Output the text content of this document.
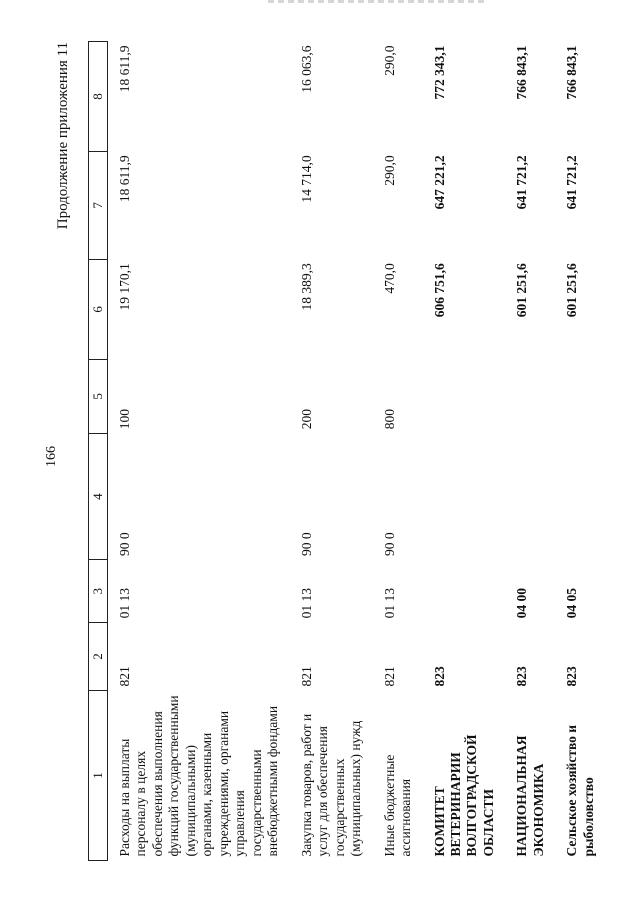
166
Продолжение приложения 11
1	2	3	4	5	6	7	8
Расходы на выплаты персоналу в целях обеспечения выполнения функций государственными (муниципальными) органами, казенными учреждениями, органами управления государственными внебюджетными фондами	821	01 13	90 0	100	19 170,1	18 611,9	18 611,9
Закупка товаров, работ и услуг для обеспечения государственных (муниципальных) нужд	821	01 13	90 0	200	18 389,3	14 714,0	16 063,6
Иные бюджетные ассигнования	821	01 13	90 0	800	470,0	290,0	290,0
КОМИТЕТ ВЕТЕРИНАРИИ ВОЛГОГРАДСКОЙ ОБЛАСТИ	823				606 751,6	647 221,2	772 343,1
НАЦИОНАЛЬНАЯ ЭКОНОМИКА	823	04 00			601 251,6	641 721,2	766 843,1
Сельское хозяйство и рыболовство	823	04 05			601 251,6	641 721,2	766 843,1
